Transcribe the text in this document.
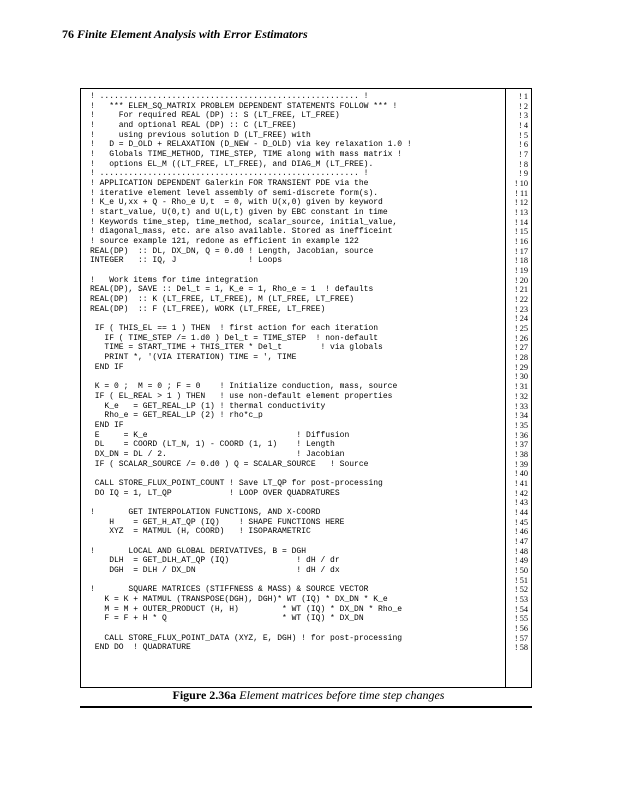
76 Finite Element Analysis with Error Estimators
! ...................................................... !
!   *** ELEM_SQ_MATRIX PROBLEM DEPENDENT STATEMENTS FOLLOW *** !
!     For required REAL (DP) :: S (LT_FREE, LT_FREE)
!     and optional REAL (DP) :: C (LT_FREE)
!     using previous solution D (LT_FREE) with
!   D = D_OLD + RELAXATION (D_NEW - D_OLD) via key relaxation 1.0 !
!   Globals TIME_METHOD, TIME_STEP, TIME along with mass matrix !
!   options EL_M ((LT_FREE, LT_FREE), and DIAG_M (LT_FREE).
! ...................................................... !
! APPLICATION DEPENDENT Galerkin FOR TRANSIENT PDE via the
! iterative element level assembly of semi-discrete form(s).
! K_e U,xx + Q - Rho_e U,t  = 0, with U(x,0) given by keyword
! start_value, U(0,t) and U(L,t) given by EBC constant in time
! Keywords time_step, time_method, scalar_source, initial_value,
! diagonal_mass, etc. are also available. Stored as inefficeint
! source example 121, redone as efficient in example 122
REAL(DP)  :: DL, DX_DN, Q = 0.d0 ! Length, Jacobian, source
INTEGER   :: IQ, J               ! Loops

!   Work items for time integration
REAL(DP), SAVE :: Del_t = 1, K_e = 1, Rho_e = 1  ! defaults
REAL(DP)  :: K (LT_FREE, LT_FREE), M (LT_FREE, LT_FREE)
REAL(DP)  :: F (LT_FREE), WORK (LT_FREE, LT_FREE)

IF ( THIS_EL == 1 ) THEN  ! first action for each iteration
IF ( TIME_STEP /= 1.d0 ) Del_t = TIME_STEP  ! non-default
TIME = START_TIME + THIS_ITER * Del_t        ! via globals
PRINT *, '(VIA ITERATION) TIME = ', TIME
END IF

K = 0 ;  M = 0 ; F = 0    ! Initialize conduction, mass, source
IF ( EL_REAL > 1 ) THEN   ! use non-default element properties
K_e   = GET_REAL_LP (1) ! thermal conductivity
Rho_e = GET_REAL_LP (2) ! rho*c_p
END IF
E     = K_e                               ! Diffusion
DL    = COORD (LT_N, 1) - COORD (1, 1)    ! Length
DX_DN = DL / 2.                           ! Jacobian
IF ( SCALAR_SOURCE /= 0.d0 ) Q = SCALAR_SOURCE   ! Source

CALL STORE_FLUX_POINT_COUNT ! Save LT_QP for post-processing
DO IQ = 1, LT_QP            ! LOOP OVER QUADRATURES

!       GET INTERPOLATION FUNCTIONS, AND X-COORD
H    = GET_H_AT_QP (IQ)    ! SHAPE FUNCTIONS HERE
XYZ  = MATMUL (H, COORD)   ! ISOPARAMETRIC

!       LOCAL AND GLOBAL DERIVATIVES, B = DGH
DLH  = GET_DLH_AT_QP (IQ)              ! dH / dr
DGH  = DLH / DX_DN                     ! dH / dx

!       SQUARE MATRICES (STIFFNESS & MASS) & SOURCE VECTOR
K = K + MATMUL (TRANSPOSE(DGH), DGH)* WT (IQ) * DX_DN * K_e
M = M + OUTER_PRODUCT (H, H)         * WT (IQ) * DX_DN * Rho_e
F = F + H * Q                        * WT (IQ) * DX_DN

CALL STORE_FLUX_POINT_DATA (XYZ, E, DGH) ! for post-processing
END DO  ! QUADRATURE
! 1
! 2
! 3
! 4
! 5
! 6
! 7
! 8
! 9
! 10
! 11
! 12
! 13
! 14
! 15
! 16
! 17
! 18
! 19
! 20
! 21
! 22
! 23
! 24
! 25
! 26
! 27
! 28
! 29
! 30
! 31
! 32
! 33
! 34
! 35
! 36
! 37
! 38
! 39
! 40
! 41
! 42
! 43
! 44
! 45
! 46
! 47
! 48
! 49
! 50
! 51
! 52
! 53
! 54
! 55
! 56
! 57
! 58
Figure 2.36a Element matrices before time step changes
